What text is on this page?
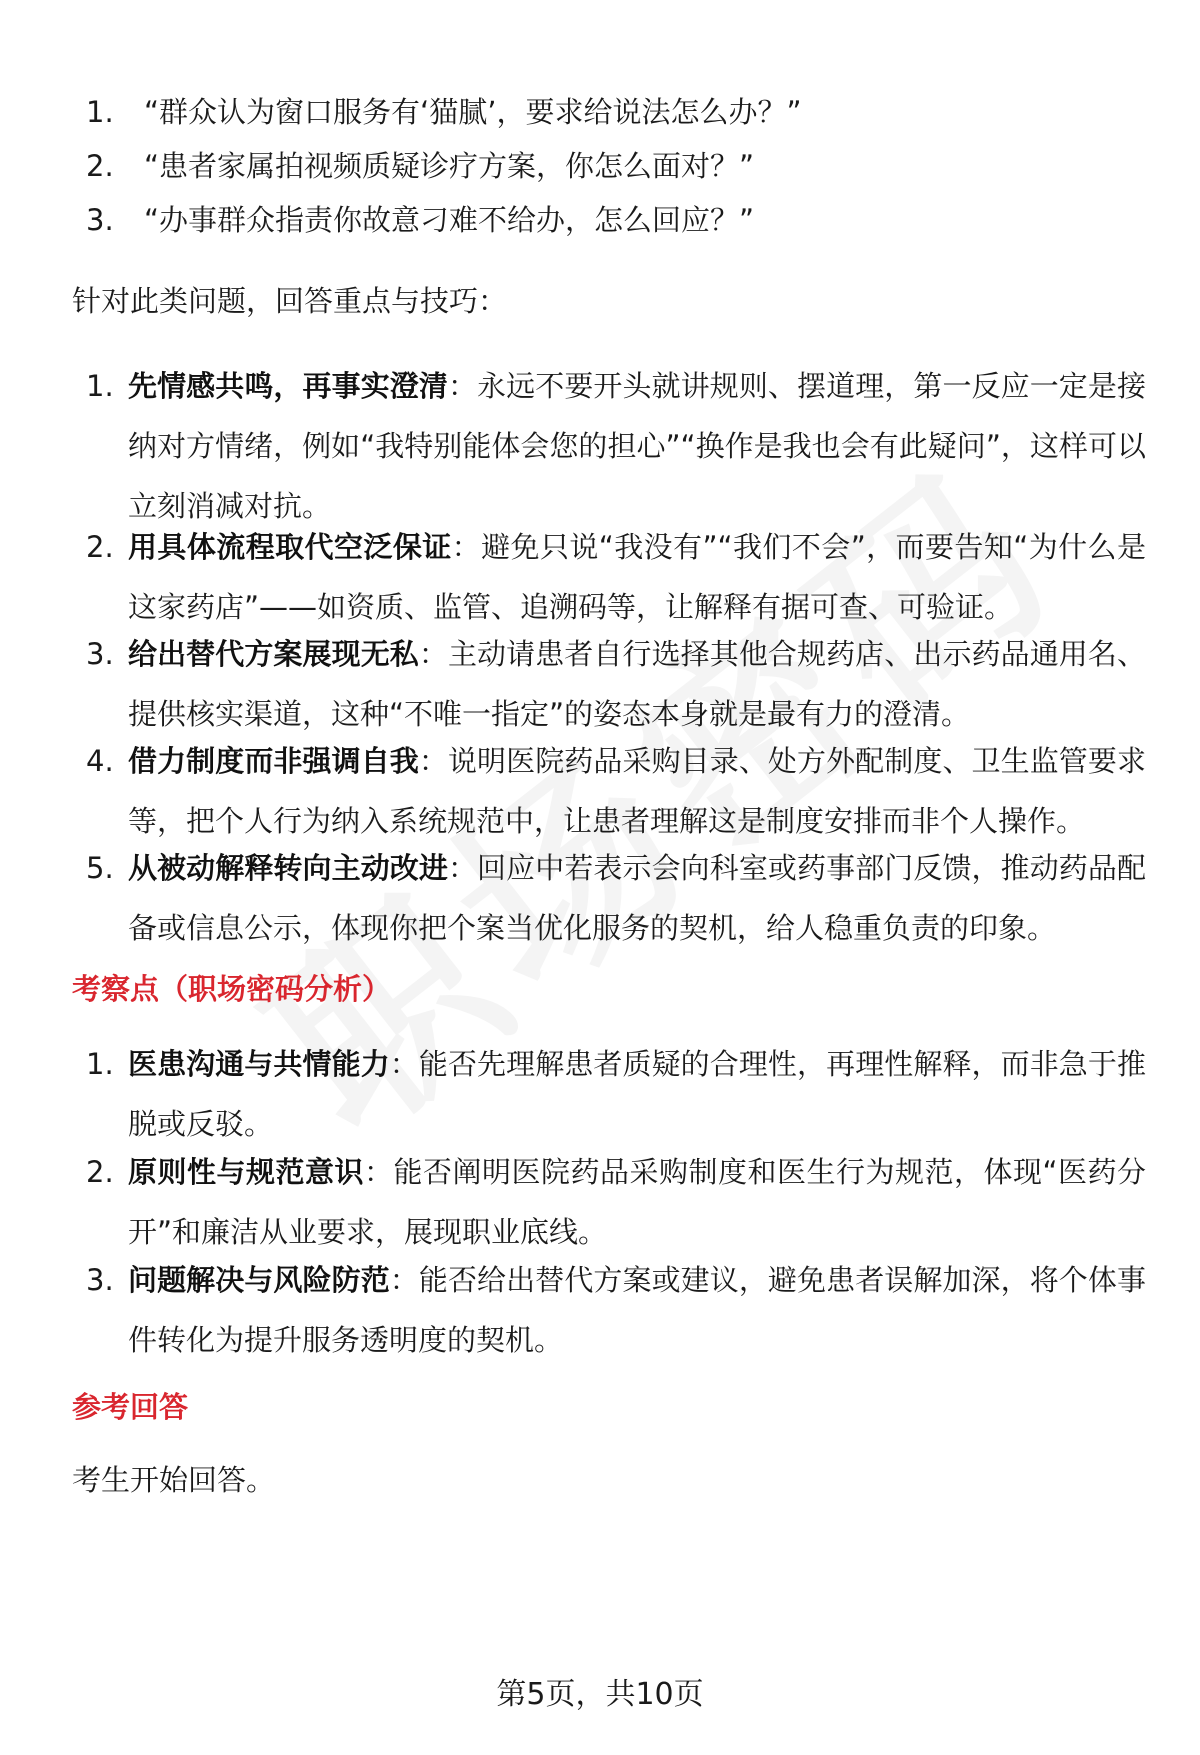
1.	“群众认为窗口服务有‘猫腻’，要求给说法怎么办？”
2.	“患者家属拍视频质疑诊疗方案，你怎么面对？”
3.	“办事群众指责你故意刁难不给办，怎么回应？”
针对此类问题，回答重点与技巧：
1. 先情感共鸣，再事实澄清：永远不要开头就讲规则、摆道理，第一反应一定是接纳对方情绪，例如“我特别能体会您的担心”“换作是我也会有此疑问”，这样可以立刻消减对抗。
2. 用具体流程取代空泛保证：避免只说“我没有”“我们不会”，而要告知“为什么是这家药店”——如资质、监管、追溯码等，让解释有据可查、可验证。
3. 给出替代方案展现无私：主动请患者自行选择其他合规药店、出示药品通用名、提供核实渠道，这种“不唯一指定”的姿态本身就是最有力的澄清。
4. 借力制度而非强调自我：说明医院药品采购目录、处方外配制度、卫生监管要求等，把个人行为纳入系统规范中，让患者理解这是制度安排而非个人操作。
5. 从被动解释转向主动改进：回应中若表示会向科室或药事部门反馈，推动药品配备或信息公示，体现你把个案当优化服务的契机，给人稳重负责的印象。
考察点（职场密码分析）
1. 医患沟通与共情能力：能否先理解患者质疑的合理性，再理性解释，而非急于推脱或反驳。
2. 原则性与规范意识：能否阐明医院药品采购制度和医生行为规范，体现“医药分开”和廉洁从业要求，展现职业底线。
3. 问题解决与风险防范：能否给出替代方案或建议，避免患者误解加深，将个体事件转化为提升服务透明度的契机。
参考回答
考生开始回答。
第5页，共10页
